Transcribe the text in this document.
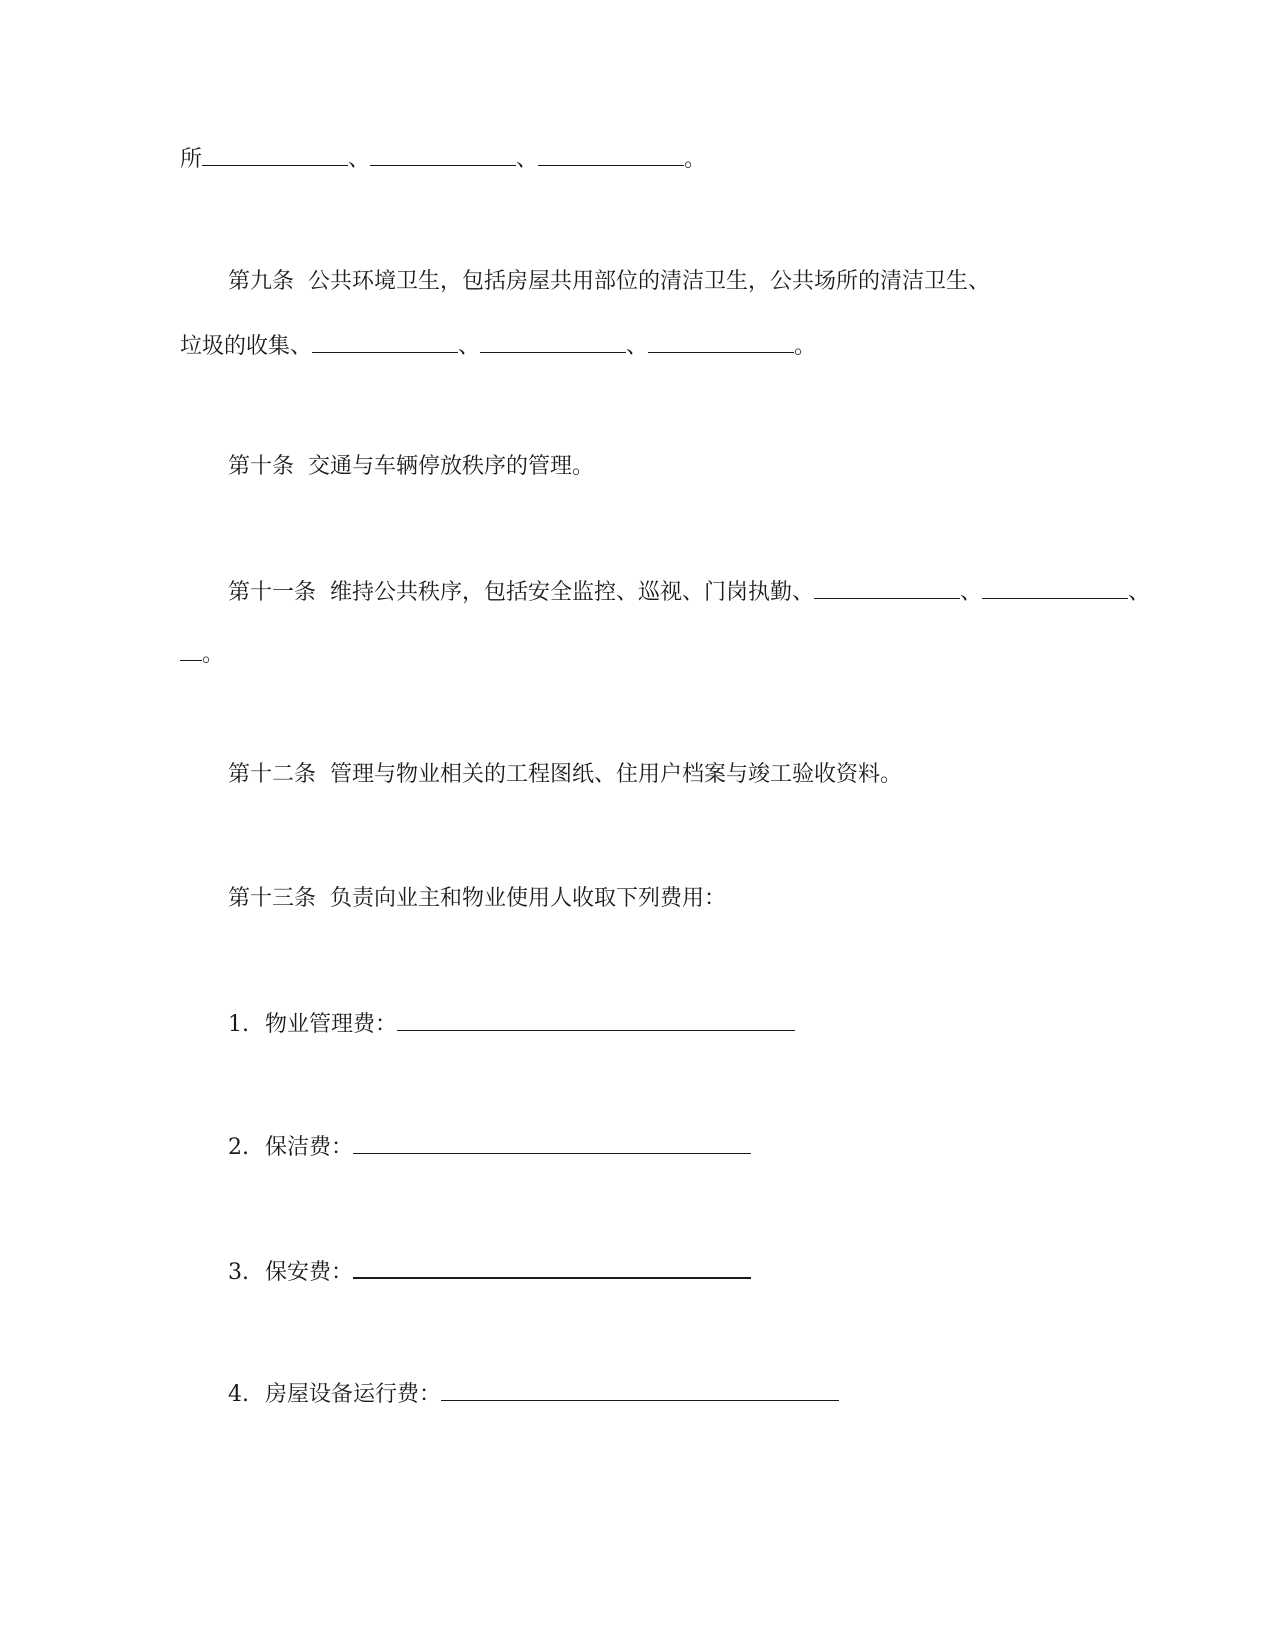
所	、	、	。
第九条 公共环境卫生，包括房屋共用部位的清洁卫生，公共场所的清洁卫生、
垃圾的收集、	、	、	。
第十条 交通与车辆停放秩序的管理。
第十一条 维持公共秩序，包括安全监控、巡视、门岗执勤、	、	、
。
第十二条 管理与物业相关的工程图纸、住用户档案与竣工验收资料。
第十三条 负责向业主和物业使用人收取下列费用：
1. 物业管理费：
2. 保洁费：
3. 保安费：
4. 房屋设备运行费：
